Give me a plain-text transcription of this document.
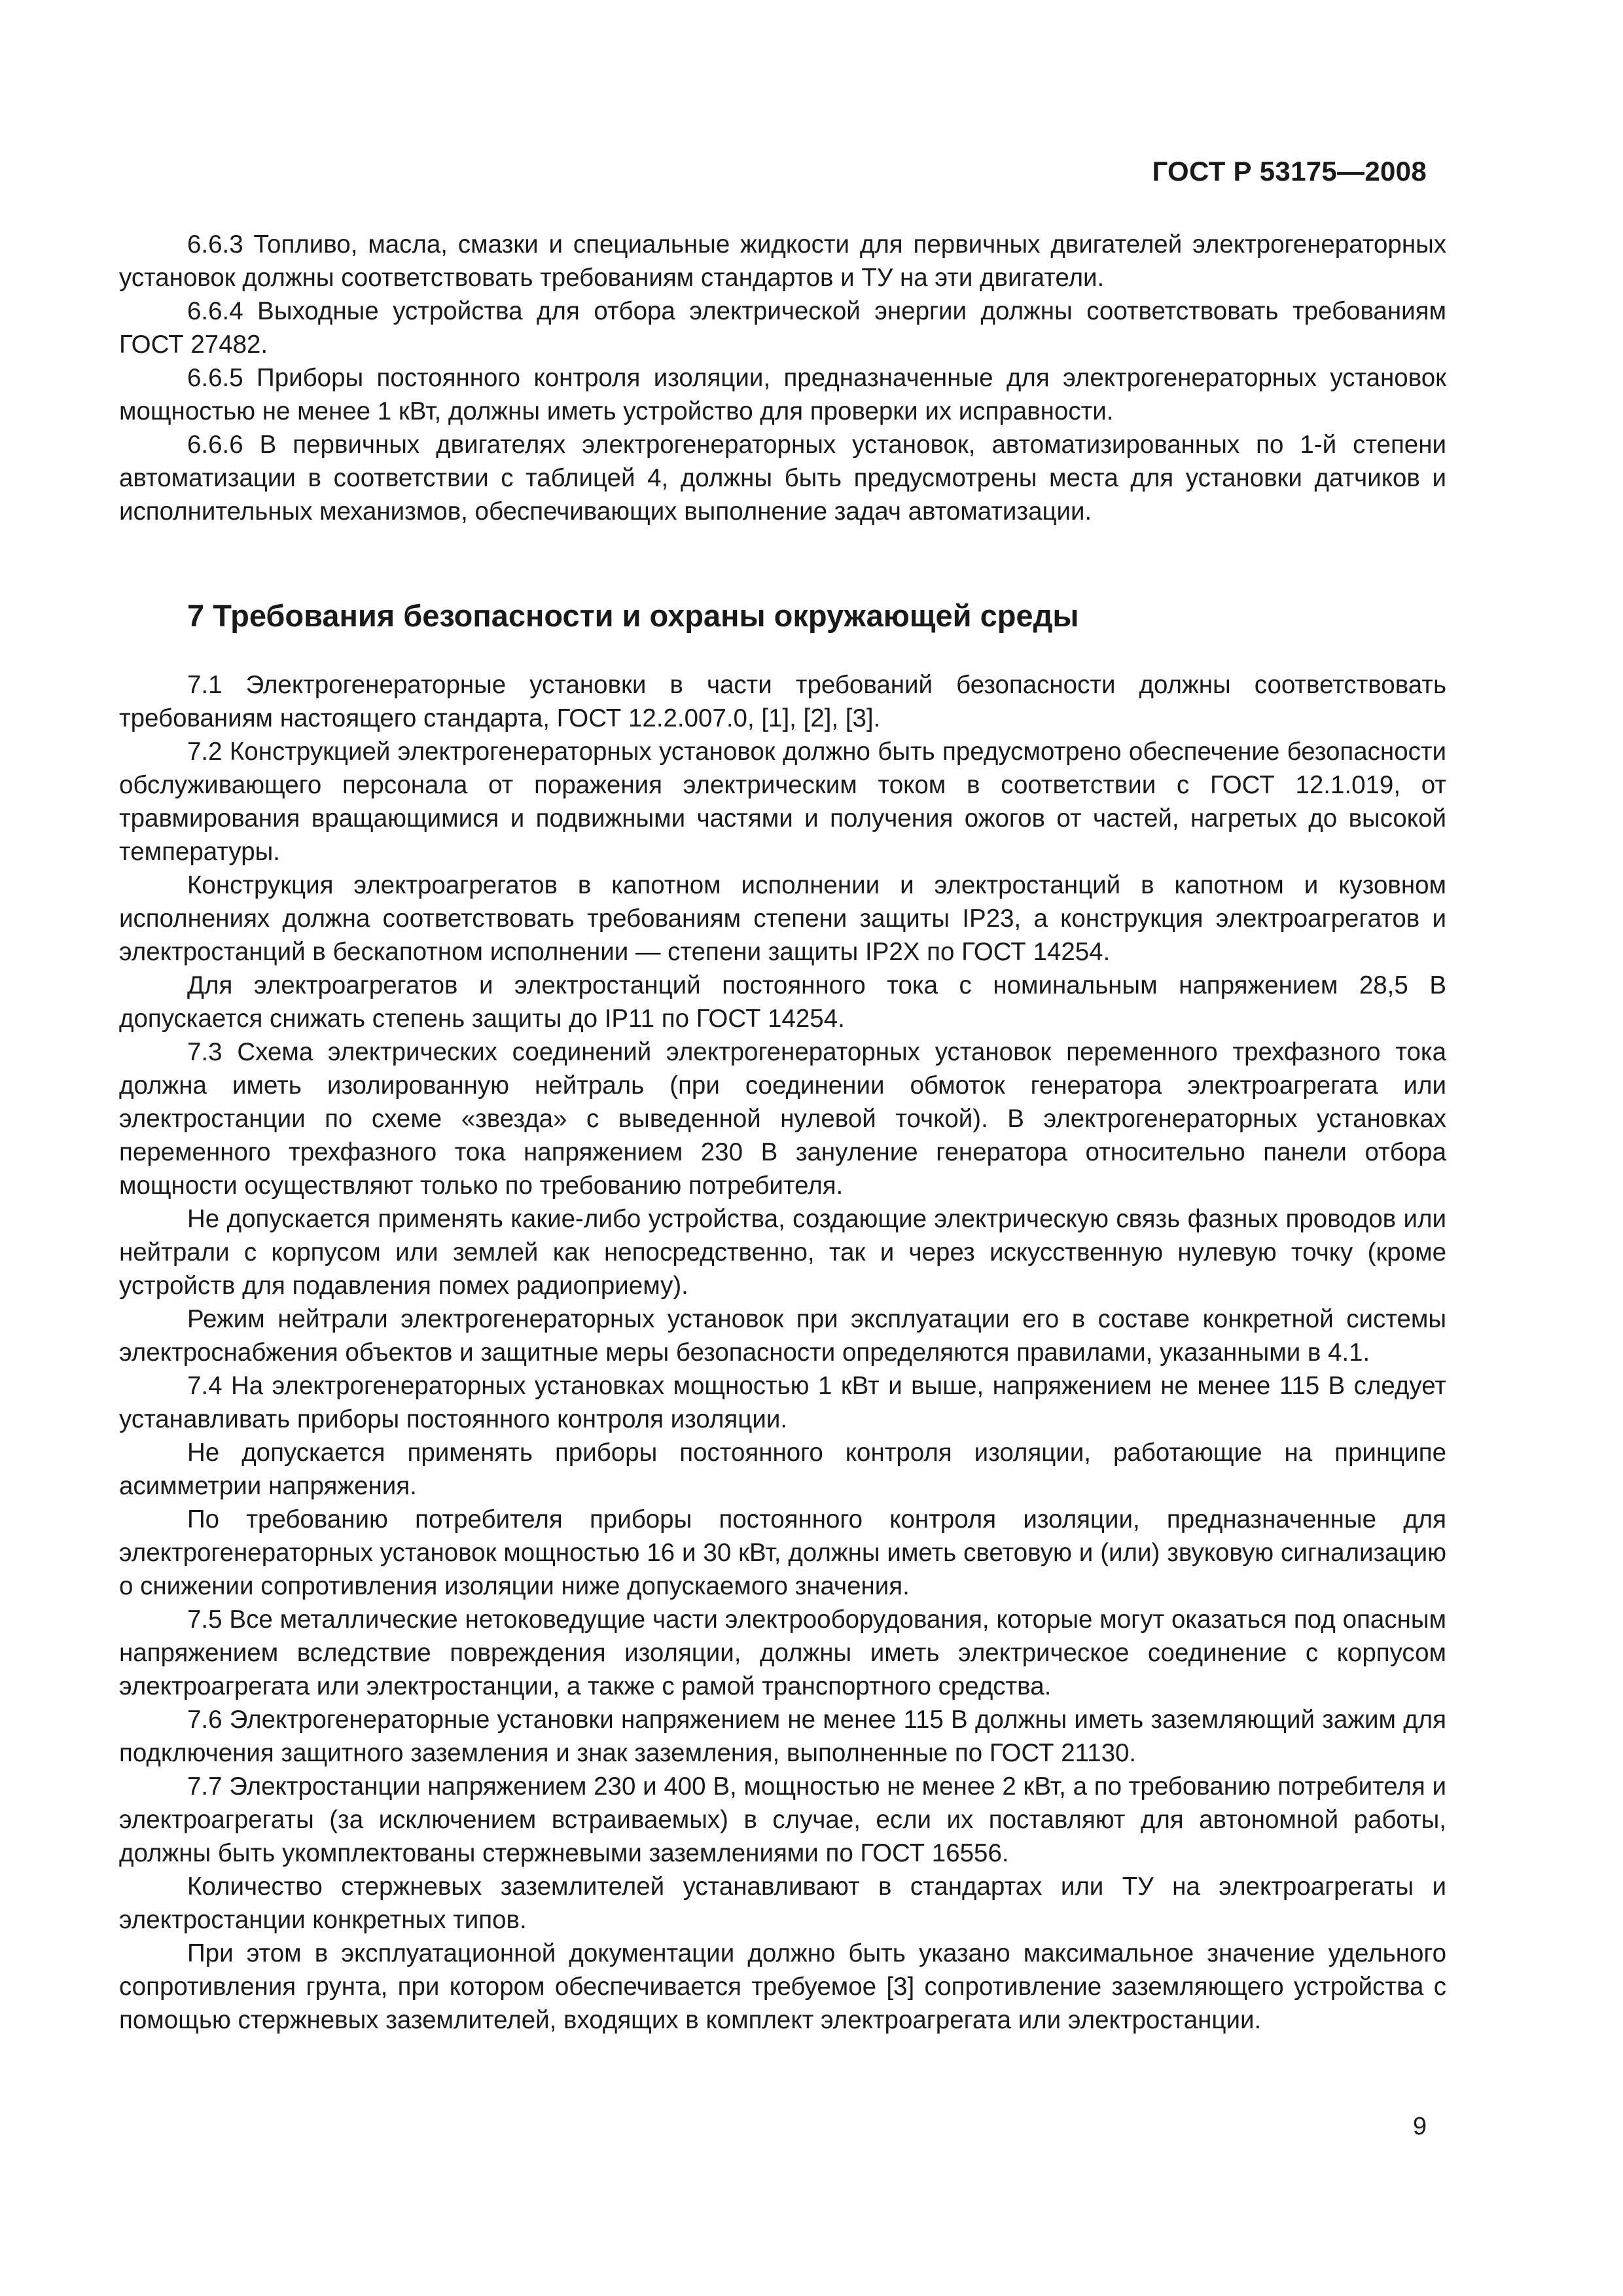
ГОСТ Р 53175—2008

6.6.3 Топливо, масла, смазки и специальные жидкости для первичных двигателей электрогенераторных установок должны соответствовать требованиям стандартов и ТУ на эти двигатели.

6.6.4 Выходные устройства для отбора электрической энергии должны соответствовать требованиям ГОСТ 27482.

6.6.5 Приборы постоянного контроля изоляции, предназначенные для электрогенераторных установок мощностью не менее 1 кВт, должны иметь устройство для проверки их исправности.

6.6.6 В первичных двигателях электрогенераторных установок, автоматизированных по 1-й степени автоматизации в соответствии с таблицей 4, должны быть предусмотрены места для установки датчиков и исполнительных механизмов, обеспечивающих выполнение задач автоматизации.

7 Требования безопасности и охраны окружающей среды

7.1 Электрогенераторные установки в части требований безопасности должны соответствовать требованиям настоящего стандарта, ГОСТ 12.2.007.0, [1], [2], [3].

7.2 Конструкцией электрогенераторных установок должно быть предусмотрено обеспечение безопасности обслуживающего персонала от поражения электрическим током в соответствии с ГОСТ 12.1.019, от травмирования вращающимися и подвижными частями и получения ожогов от частей, нагретых до высокой температуры.

Конструкция электроагрегатов в капотном исполнении и электростанций в капотном и кузовном исполнениях должна соответствовать требованиям степени защиты IP23, а конструкция электроагрегатов и электростанций в бескапотном исполнении — степени защиты IP2X по ГОСТ 14254.

Для электроагрегатов и электростанций постоянного тока с номинальным напряжением 28,5 В допускается снижать степень защиты до IP11 по ГОСТ 14254.

7.3 Схема электрических соединений электрогенераторных установок переменного трехфазного тока должна иметь изолированную нейтраль (при соединении обмоток генератора электроагрегата или электростанции по схеме «звезда» с выведенной нулевой точкой). В электрогенераторных установках переменного трехфазного тока напряжением 230 В зануление генератора относительно панели отбора мощности осуществляют только по требованию потребителя.

Не допускается применять какие-либо устройства, создающие электрическую связь фазных проводов или нейтрали с корпусом или землей как непосредственно, так и через искусственную нулевую точку (кроме устройств для подавления помех радиоприему).

Режим нейтрали электрогенераторных установок при эксплуатации его в составе конкретной системы электроснабжения объектов и защитные меры безопасности определяются правилами, указанными в 4.1.

7.4 На электрогенераторных установках мощностью 1 кВт и выше, напряжением не менее 115 В следует устанавливать приборы постоянного контроля изоляции.

Не допускается применять приборы постоянного контроля изоляции, работающие на принципе асимметрии напряжения.

По требованию потребителя приборы постоянного контроля изоляции, предназначенные для электрогенераторных установок мощностью 16 и 30 кВт, должны иметь световую и (или) звуковую сигнализацию о снижении сопротивления изоляции ниже допускаемого значения.

7.5 Все металлические нетоковедущие части электрооборудования, которые могут оказаться под опасным напряжением вследствие повреждения изоляции, должны иметь электрическое соединение с корпусом электроагрегата или электростанции, а также с рамой транспортного средства.

7.6 Электрогенераторные установки напряжением не менее 115 В должны иметь заземляющий зажим для подключения защитного заземления и знак заземления, выполненные по ГОСТ 21130.

7.7 Электростанции напряжением 230 и 400 В, мощностью не менее 2 кВт, а по требованию потребителя и электроагрегаты (за исключением встраиваемых) в случае, если их поставляют для автономной работы, должны быть укомплектованы стержневыми заземлениями по ГОСТ 16556.

Количество стержневых заземлителей устанавливают в стандартах или ТУ на электроагрегаты и электростанции конкретных типов.

При этом в эксплуатационной документации должно быть указано максимальное значение удельного сопротивления грунта, при котором обеспечивается требуемое [3] сопротивление заземляющего устройства с помощью стержневых заземлителей, входящих в комплект электроагрегата или электростанции.

9
